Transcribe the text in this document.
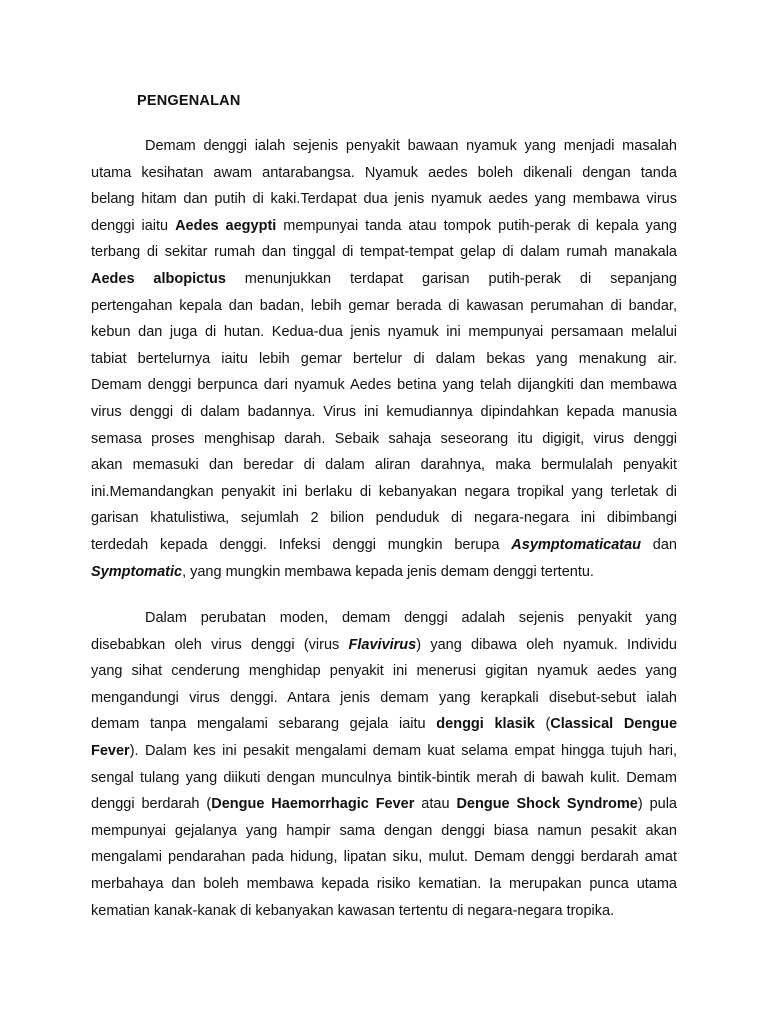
PENGENALAN
Demam denggi ialah sejenis penyakit bawaan nyamuk yang menjadi masalah
utama kesihatan awam antarabangsa. Nyamuk aedes boleh dikenali dengan tanda
belang hitam dan putih di kaki.Terdapat dua jenis nyamuk aedes yang membawa virus
denggi iaitu Aedes aegypti mempunyai tanda atau tompok putih-perak di kepala yang
terbang di sekitar rumah dan tinggal di tempat-tempat gelap di dalam rumah manakala
Aedes albopictus menunjukkan terdapat garisan putih-perak di sepanjang
pertengahan kepala dan badan, lebih gemar berada di kawasan perumahan di bandar,
kebun dan juga di hutan. Kedua-dua jenis nyamuk ini mempunyai persamaan melalui
tabiat bertelurnya iaitu lebih gemar bertelur di dalam bekas yang menakung air.
Demam denggi berpunca dari nyamuk Aedes betina yang telah dijangkiti dan membawa
virus denggi di dalam badannya. Virus ini kemudiannya dipindahkan kepada manusia
semasa proses menghisap darah. Sebaik sahaja seseorang itu digigit, virus denggi
akan memasuki dan beredar di dalam aliran darahnya, maka bermulalah penyakit
ini.Memandangkan penyakit ini berlaku di kebanyakan negara tropikal yang terletak di
garisan khatulistiwa, sejumlah 2 bilion penduduk di negara-negara ini dibimbangi
terdedah kepada denggi. Infeksi denggi mungkin berupa Asymptomaticatau dan
Symptomatic, yang mungkin membawa kepada jenis demam denggi tertentu.
Dalam perubatan moden, demam denggi adalah sejenis penyakit yang
disebabkan oleh virus denggi (virus Flavivirus) yang dibawa oleh nyamuk. Individu
yang sihat cenderung menghidap penyakit ini menerusi gigitan nyamuk aedes yang
mengandungi virus denggi. Antara jenis demam yang kerapkali disebut-sebut ialah
demam tanpa mengalami sebarang gejala iaitu denggi klasik (Classical Dengue
Fever). Dalam kes ini pesakit mengalami demam kuat selama empat hingga tujuh hari,
sengal tulang yang diikuti dengan munculnya bintik-bintik merah di bawah kulit. Demam
denggi berdarah (Dengue Haemorrhagic Fever atau Dengue Shock Syndrome) pula
mempunyai gejalanya yang hampir sama dengan denggi biasa namun pesakit akan
mengalami pendarahan pada hidung, lipatan siku, mulut. Demam denggi berdarah amat
merbahaya dan boleh membawa kepada risiko kematian. Ia merupakan punca utama
kematian kanak-kanak di kebanyakan kawasan tertentu di negara-negara tropika.
